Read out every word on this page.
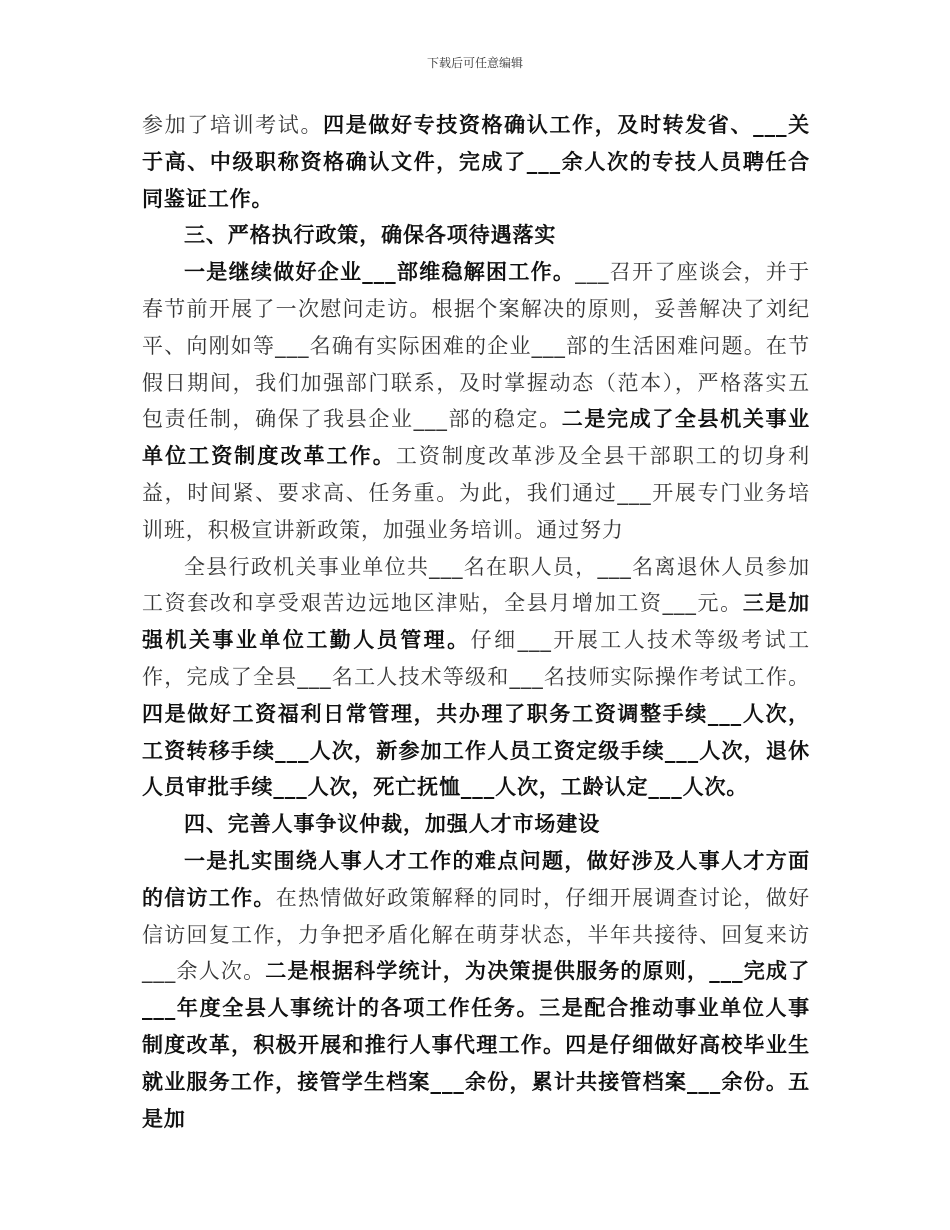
下载后可任意编辑

参加了培训考试。四是做好专技资格确认工作，及时转发省、___关于高、中级职称资格确认文件，完成了___余人次的专技人员聘任合同鉴证工作。

三、严格执行政策，确保各项待遇落实

一是继续做好企业___部维稳解困工作。___召开了座谈会，并于春节前开展了一次慰问走访。根据个案解决的原则，妥善解决了刘纪平、向刚如等___名确有实际困难的企业___部的生活困难问题。在节假日期间，我们加强部门联系，及时掌握动态（范本），严格落实五包责任制，确保了我县企业___部的稳定。二是完成了全县机关事业单位工资制度改革工作。工资制度改革涉及全县干部职工的切身利益，时间紧、要求高、任务重。为此，我们通过___开展专门业务培训班，积极宣讲新政策，加强业务培训。通过努力

全县行政机关事业单位共___名在职人员，___名离退休人员参加工资套改和享受艰苦边远地区津贴，全县月增加工资___元。三是加强机关事业单位工勤人员管理。仔细___开展工人技术等级考试工作，完成了全县___名工人技术等级和___名技师实际操作考试工作。四是做好工资福利日常管理，共办理了职务工资调整手续___人次，工资转移手续___人次，新参加工作人员工资定级手续___人次，退休人员审批手续___人次，死亡抚恤___人次，工龄认定___人次。

四、完善人事争议仲裁，加强人才市场建设

一是扎实围绕人事人才工作的难点问题，做好涉及人事人才方面的信访工作。在热情做好政策解释的同时，仔细开展调查讨论，做好信访回复工作，力争把矛盾化解在萌芽状态，半年共接待、回复来访___余人次。二是根据科学统计，为决策提供服务的原则，___完成了___年度全县人事统计的各项工作任务。三是配合推动事业单位人事制度改革，积极开展和推行人事代理工作。四是仔细做好高校毕业生就业服务工作，接管学生档案___余份，累计共接管档案___余份。五是加
